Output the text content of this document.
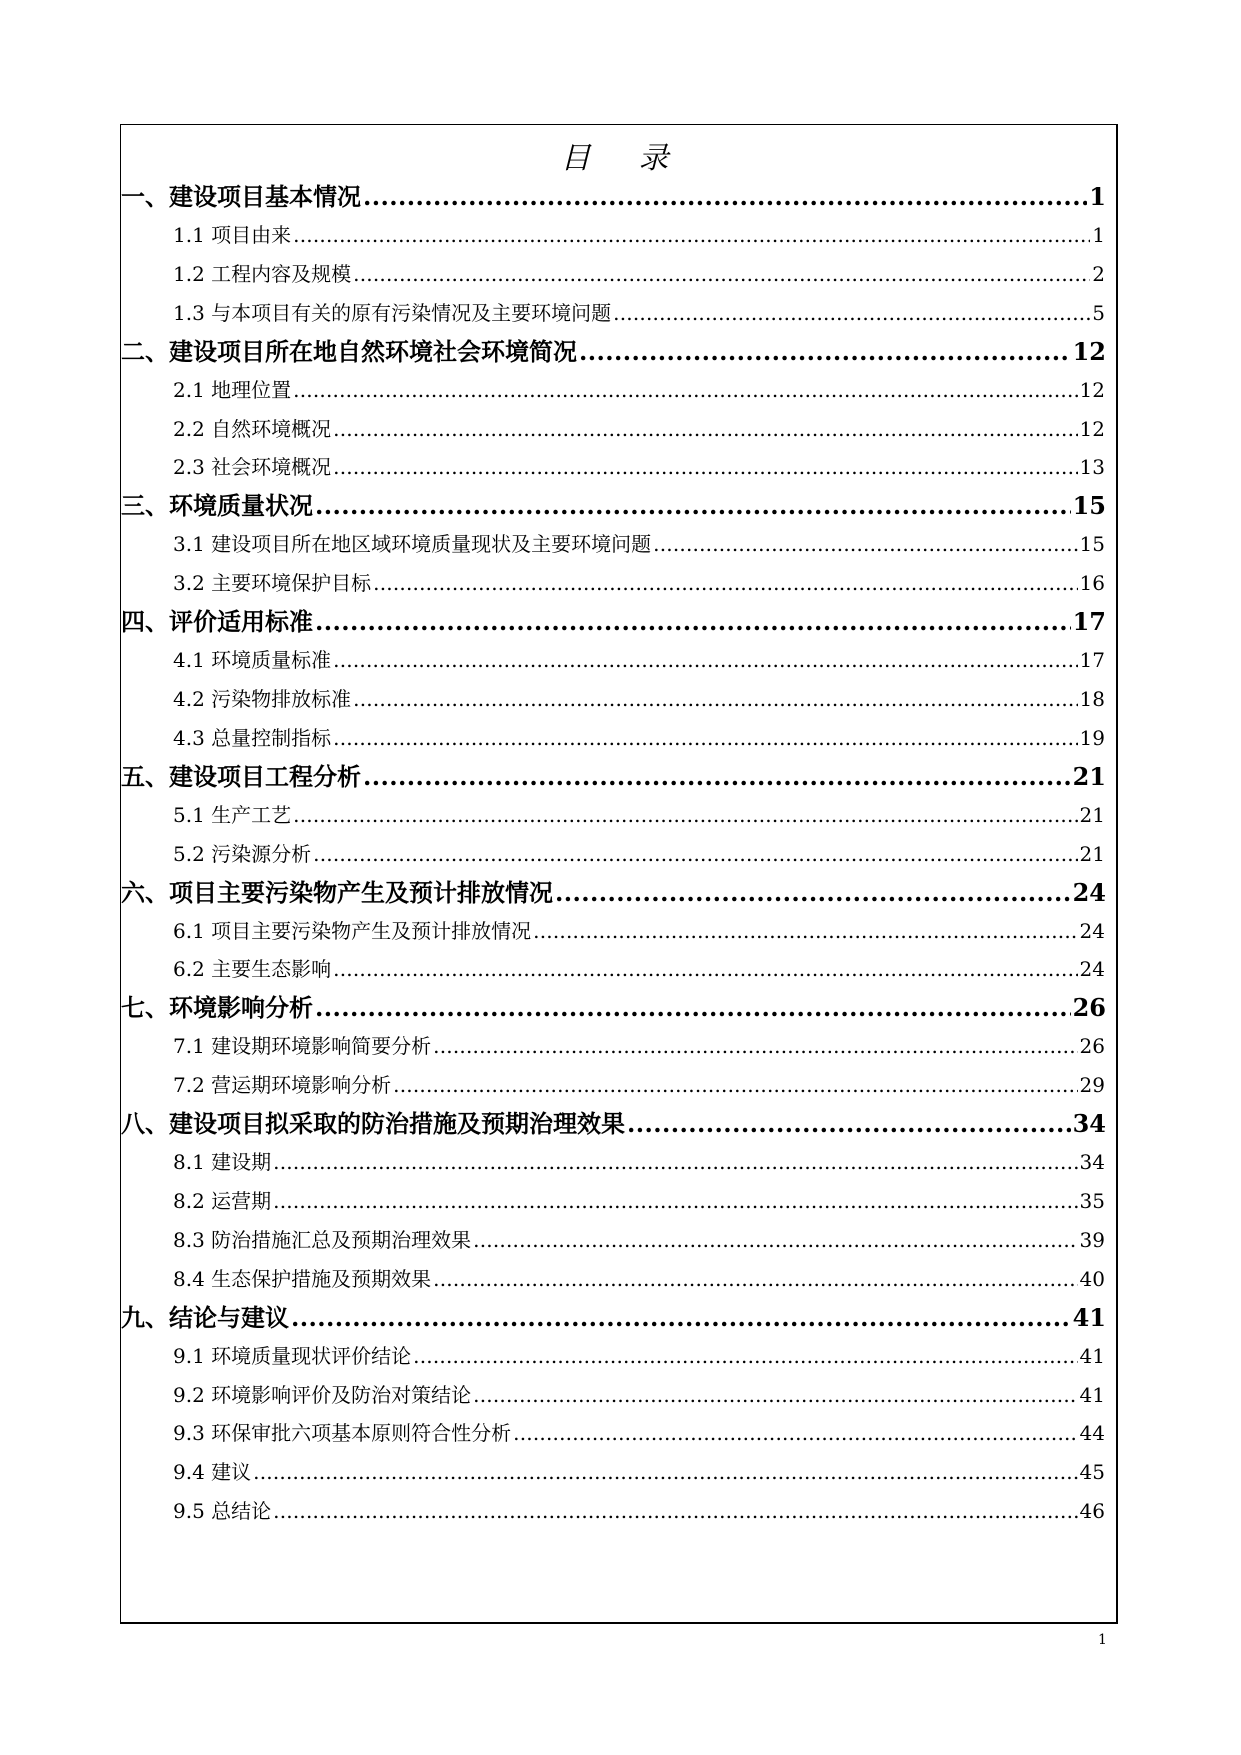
目 录
一、建设项目基本情况 .....	1
1.1 项目由来 .....	1
1.2 工程内容及规模 .....	2
1.3 与本项目有关的原有污染情况及主要环境问题 .....	5
二、建设项目所在地自然环境社会环境简况 .....	12
2.1 地理位置 .....	12
2.2 自然环境概况 .....	12
2.3 社会环境概况 .....	13
三、环境质量状况 .....	15
3.1 建设项目所在地区域环境质量现状及主要环境问题 .....	15
3.2 主要环境保护目标 .....	16
四、评价适用标准 .....	17
4.1 环境质量标准 .....	17
4.2 污染物排放标准 .....	18
4.3 总量控制指标 .....	19
五、建设项目工程分析 .....	21
5.1 生产工艺 .....	21
5.2 污染源分析 .....	21
六、项目主要污染物产生及预计排放情况 .....	24
6.1 项目主要污染物产生及预计排放情况 .....	24
6.2 主要生态影响 .....	24
七、环境影响分析 .....	26
7.1 建设期环境影响简要分析 .....	26
7.2 营运期环境影响分析 .....	29
八、建设项目拟采取的防治措施及预期治理效果 .....	34
8.1 建设期 .....	34
8.2 运营期 .....	35
8.3 防治措施汇总及预期治理效果 .....	39
8.4 生态保护措施及预期效果 .....	40
九、结论与建议 .....	41
9.1 环境质量现状评价结论 .....	41
9.2 环境影响评价及防治对策结论 .....	41
9.3 环保审批六项基本原则符合性分析 .....	44
9.4 建议 .....	45
9.5 总结论 .....	46
1
